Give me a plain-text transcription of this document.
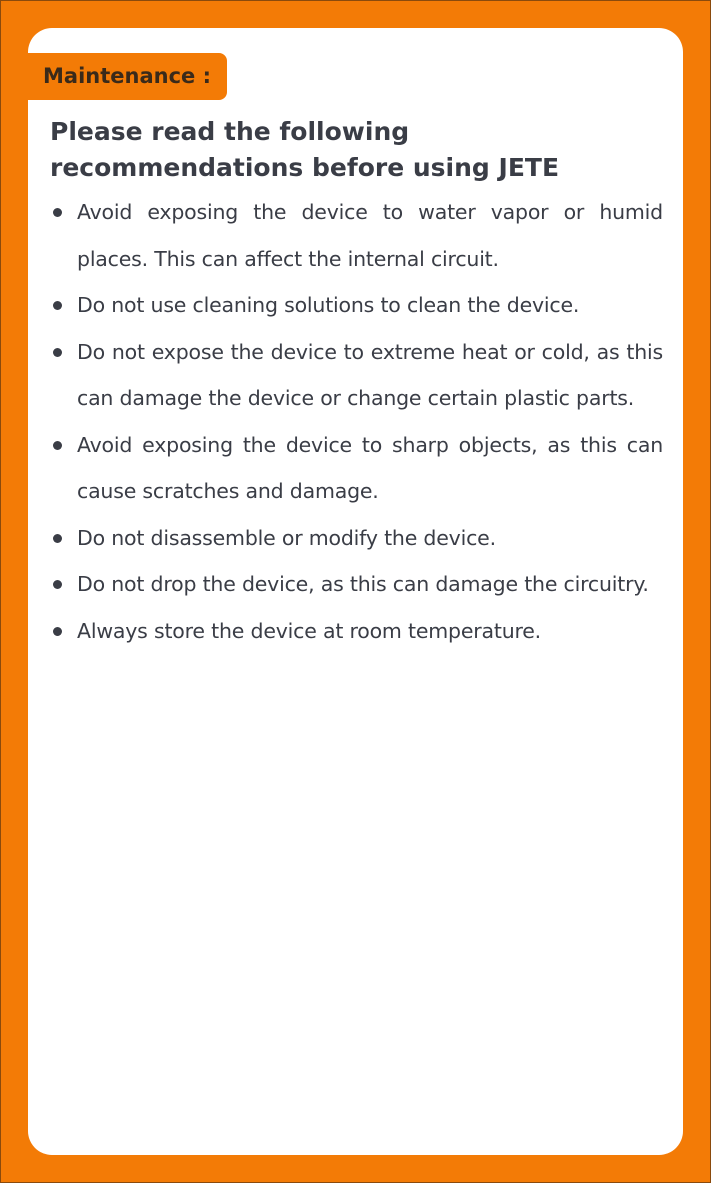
Maintenance :
Please read the following recommendations before using JETE
Avoid exposing the device to water vapor or humid places. This can affect the internal circuit.
Do not use cleaning solutions to clean the device.
Do not expose the device to extreme heat or cold, as this can damage the device or change certain plastic parts.
Avoid exposing the device to sharp objects, as this can cause scratches and damage.
Do not disassemble or modify the device.
Do not drop the device, as this can damage the circuitry.
Always store the device at room temperature.
